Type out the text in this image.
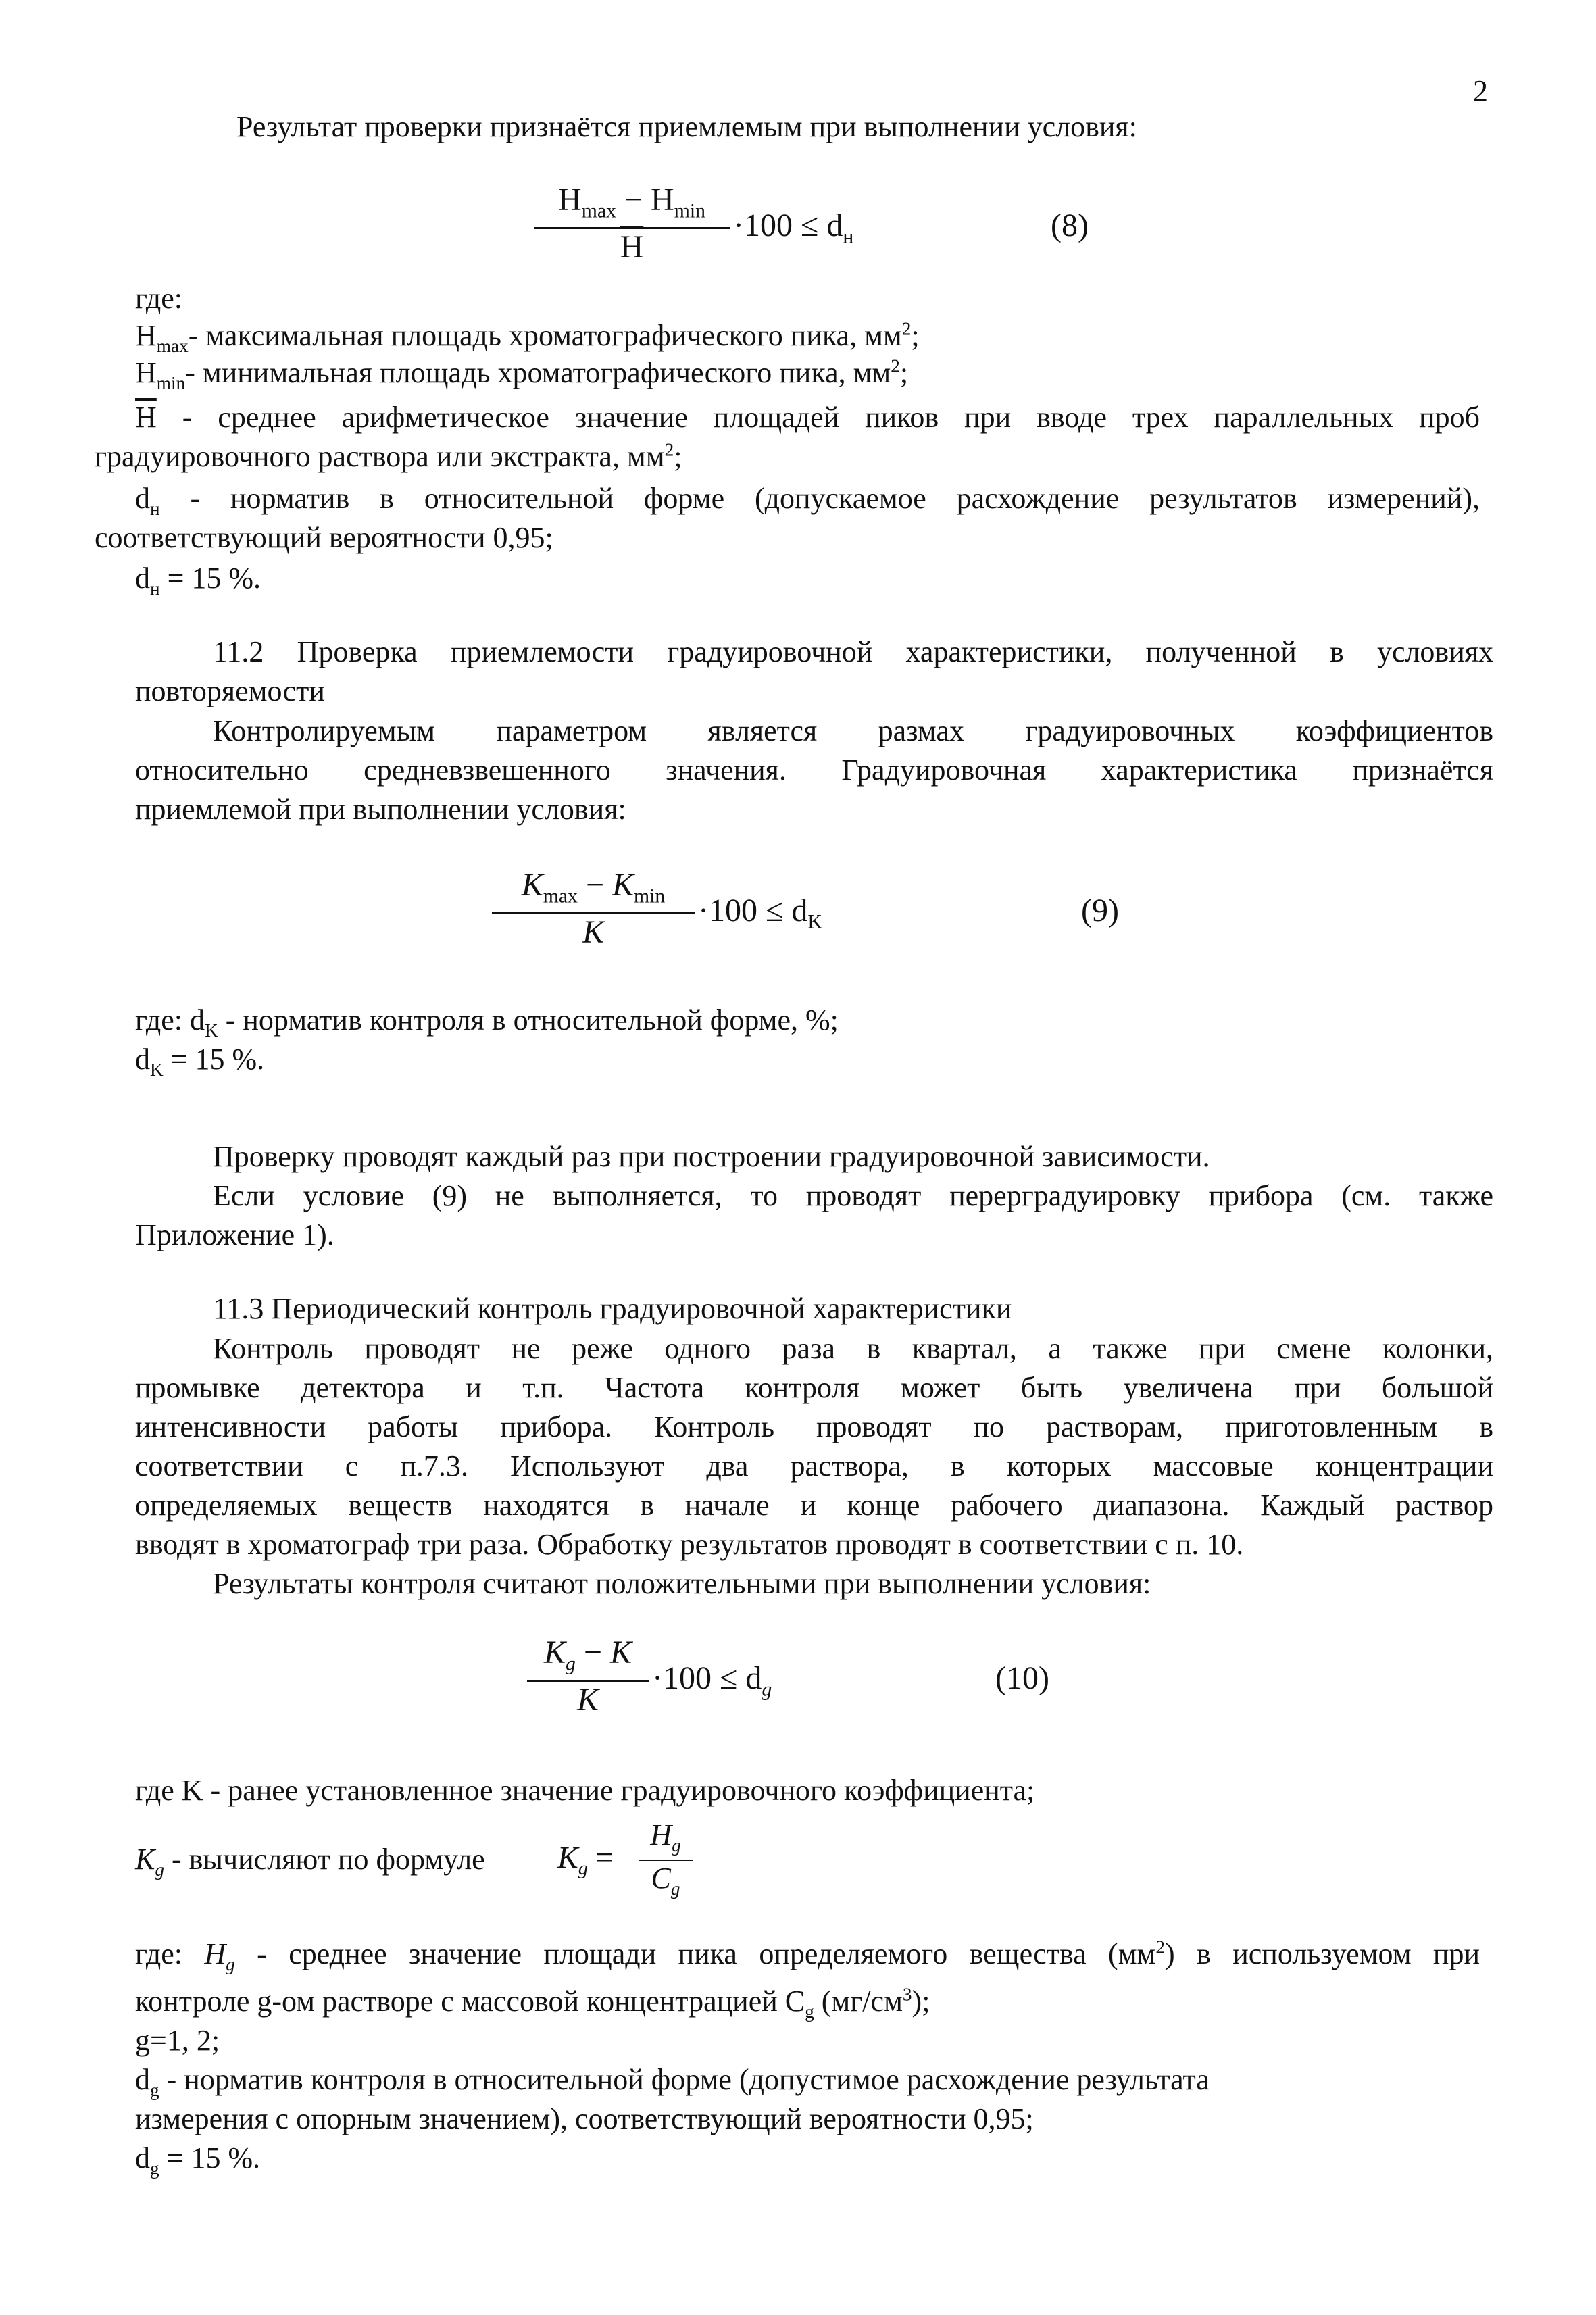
2
Результат проверки признаётся приемлемым при выполнении условия:
$H_{max} - H_{min}$
$\overline{H}$
$\cdot 100 \le d_н$	(8)
где:
$H_{max}-$ максимальная площадь хроматографического пика, $мм^2$;
$H_{min}-$ минимальная площадь хроматографического пика, $мм^2$;
$\overline{H}$ - среднее арифметическое значение площадей пиков при вводе трех параллельных проб
градуировочного раствора или экстракта, $мм^2$;
$d_н$ - норматив в относительной форме (допускаемое расхождение результатов измерений),
соответствующий вероятности 0,95;
$d_н = 15$ %.
11.2 Проверка приемлемости градуировочной характеристики, полученной в условиях
повторяемости
Контролируемым параметром является размах градуировочных коэффициентов
относительно средневзвешенного значения. Градуировочная характеристика признаётся
приемлемой при выполнении условия:
$K_{max} - K_{min}$
$\overline{K}$
$\cdot 100 \le d_K$	(9)
где: $d_K$ - норматив контроля в относительной форме, %;
$d_K = 15$ %.
Проверку проводят каждый раз при построении градуировочной зависимости.
Если условие (9) не выполняется, то проводят перерградуировку прибора (см. также
Приложение 1).
11.3 Периодический контроль градуировочной характеристики
Контроль проводят не реже одного раза в квартал, а также при смене колонки,
промывке детектора и т.п. Частота контроля может быть увеличена при большой
интенсивности работы прибора. Контроль проводят по растворам, приготовленным в
соответствии с п.7.3. Используют два раствора, в которых массовые концентрации
определяемых веществ находятся в начале и конце рабочего диапазона. Каждый раствор
вводят в хроматограф три раза. Обработку результатов проводят в соответствии с п. 10.
Результаты контроля считают положительными при выполнении условия:
$K_g - K$
K
$\cdot 100 \le d_g$	(10)
где K - ранее установленное значение градуировочного коэффициента;
$K_g$ - вычисляют по формуле $K_g$ =
$H_g$
$C_g$
где: $H_g$ - среднее значение площади пика определяемого вещества $(мм^2)$ в используемом при
контроле g-ом растворе с массовой концентрацией $C_g$ $(мг/см^3)$;
g=1, 2;
$d_g$ - норматив контроля в относительной форме (допустимое расхождение результата
измерения с опорным значением), соответствующий вероятности 0,95;
$d_g = 15$ %.
